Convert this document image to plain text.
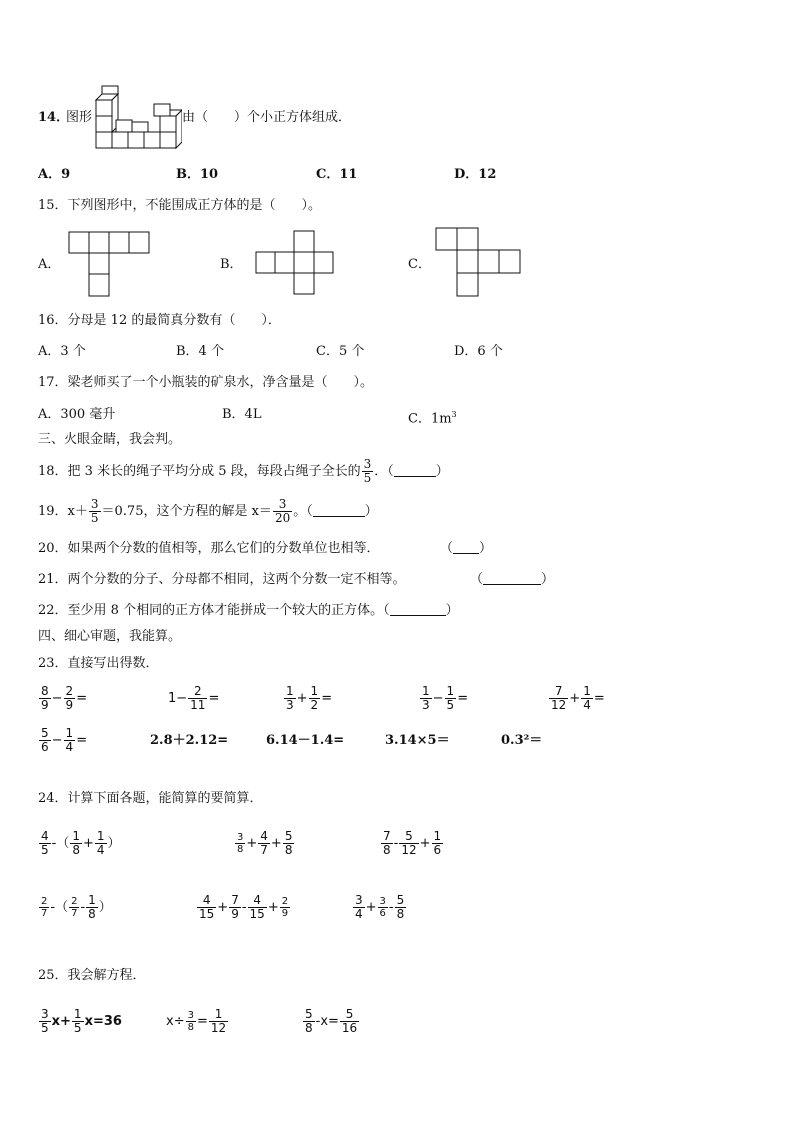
14．
图形	由（　　）个小正方体组成．
A．9	B．10	C．11	D．12
15．下列图形中，不能围成正方体的是（　　）。
A．	B．	C．
16．分母是 12 的最简真分数有（　　）．
A．3 个	B．4 个	C．5 个	D．6 个
17．梁老师买了一个小瓶装的矿泉水，净含量是（　　）。
A．300 毫升	B．4L	C．$1m^3$
三、火眼金睛，我会判。
18．把 3 米长的绳子平均分成 5 段，每段占绳子全长的 $\frac{3}{5}$ ．（	）
19．$x+ \frac{3}{5} =0.75$，这个方程的解是 $x= \frac{3}{20}$ 。（	）
20．如果两个分数的值相等，那么它们的分数单位也相等．	（ ）
21．两个分数的分子、分母都不相同，这两个分数一定不相等。	（	）
22．至少用 8 个相同的正方体才能拼成一个较大的正方体。（	）
四、细心审题，我能算。
23．直接写出得数．
$\frac{8}{9} - \frac{2}{9}$ =	$1- \frac{2}{11}$ =	$\frac{1}{3} + \frac{1}{2}$ =	$\frac{1}{3} - \frac{1}{5}$ =	$\frac{7}{12} + \frac{1}{4}$ =
$\frac{5}{6} - \frac{1}{4}$ =	2.8＋2.12=	6.14－1.4=	3.14×5＝	0.3²＝
24．计算下面各题，能简算的要简算．
$\frac{4}{5}$ -（ $\frac{1}{8} + \frac{1}{4}$ ）	$\frac{3}{8} + \frac{4}{7} + \frac{5}{8}$	$\frac{7}{8} - \frac{5}{12} + \frac{1}{6}$
$\frac{2}{7}$ -（ $\frac{2}{7} - \frac{1}{8}$ ）	$\frac{4}{15} + \frac{7}{9} - \frac{4}{15} + \frac{2}{9}$	$\frac{3}{4} + \frac{3}{6} - \frac{5}{8}$
25．我会解方程．
$\frac{3}{5} x+ \frac{1}{5} x=36$	$x\div \frac{3}{8} = \frac{1}{12}$	$\frac{5}{8} -x= \frac{5}{16}$
